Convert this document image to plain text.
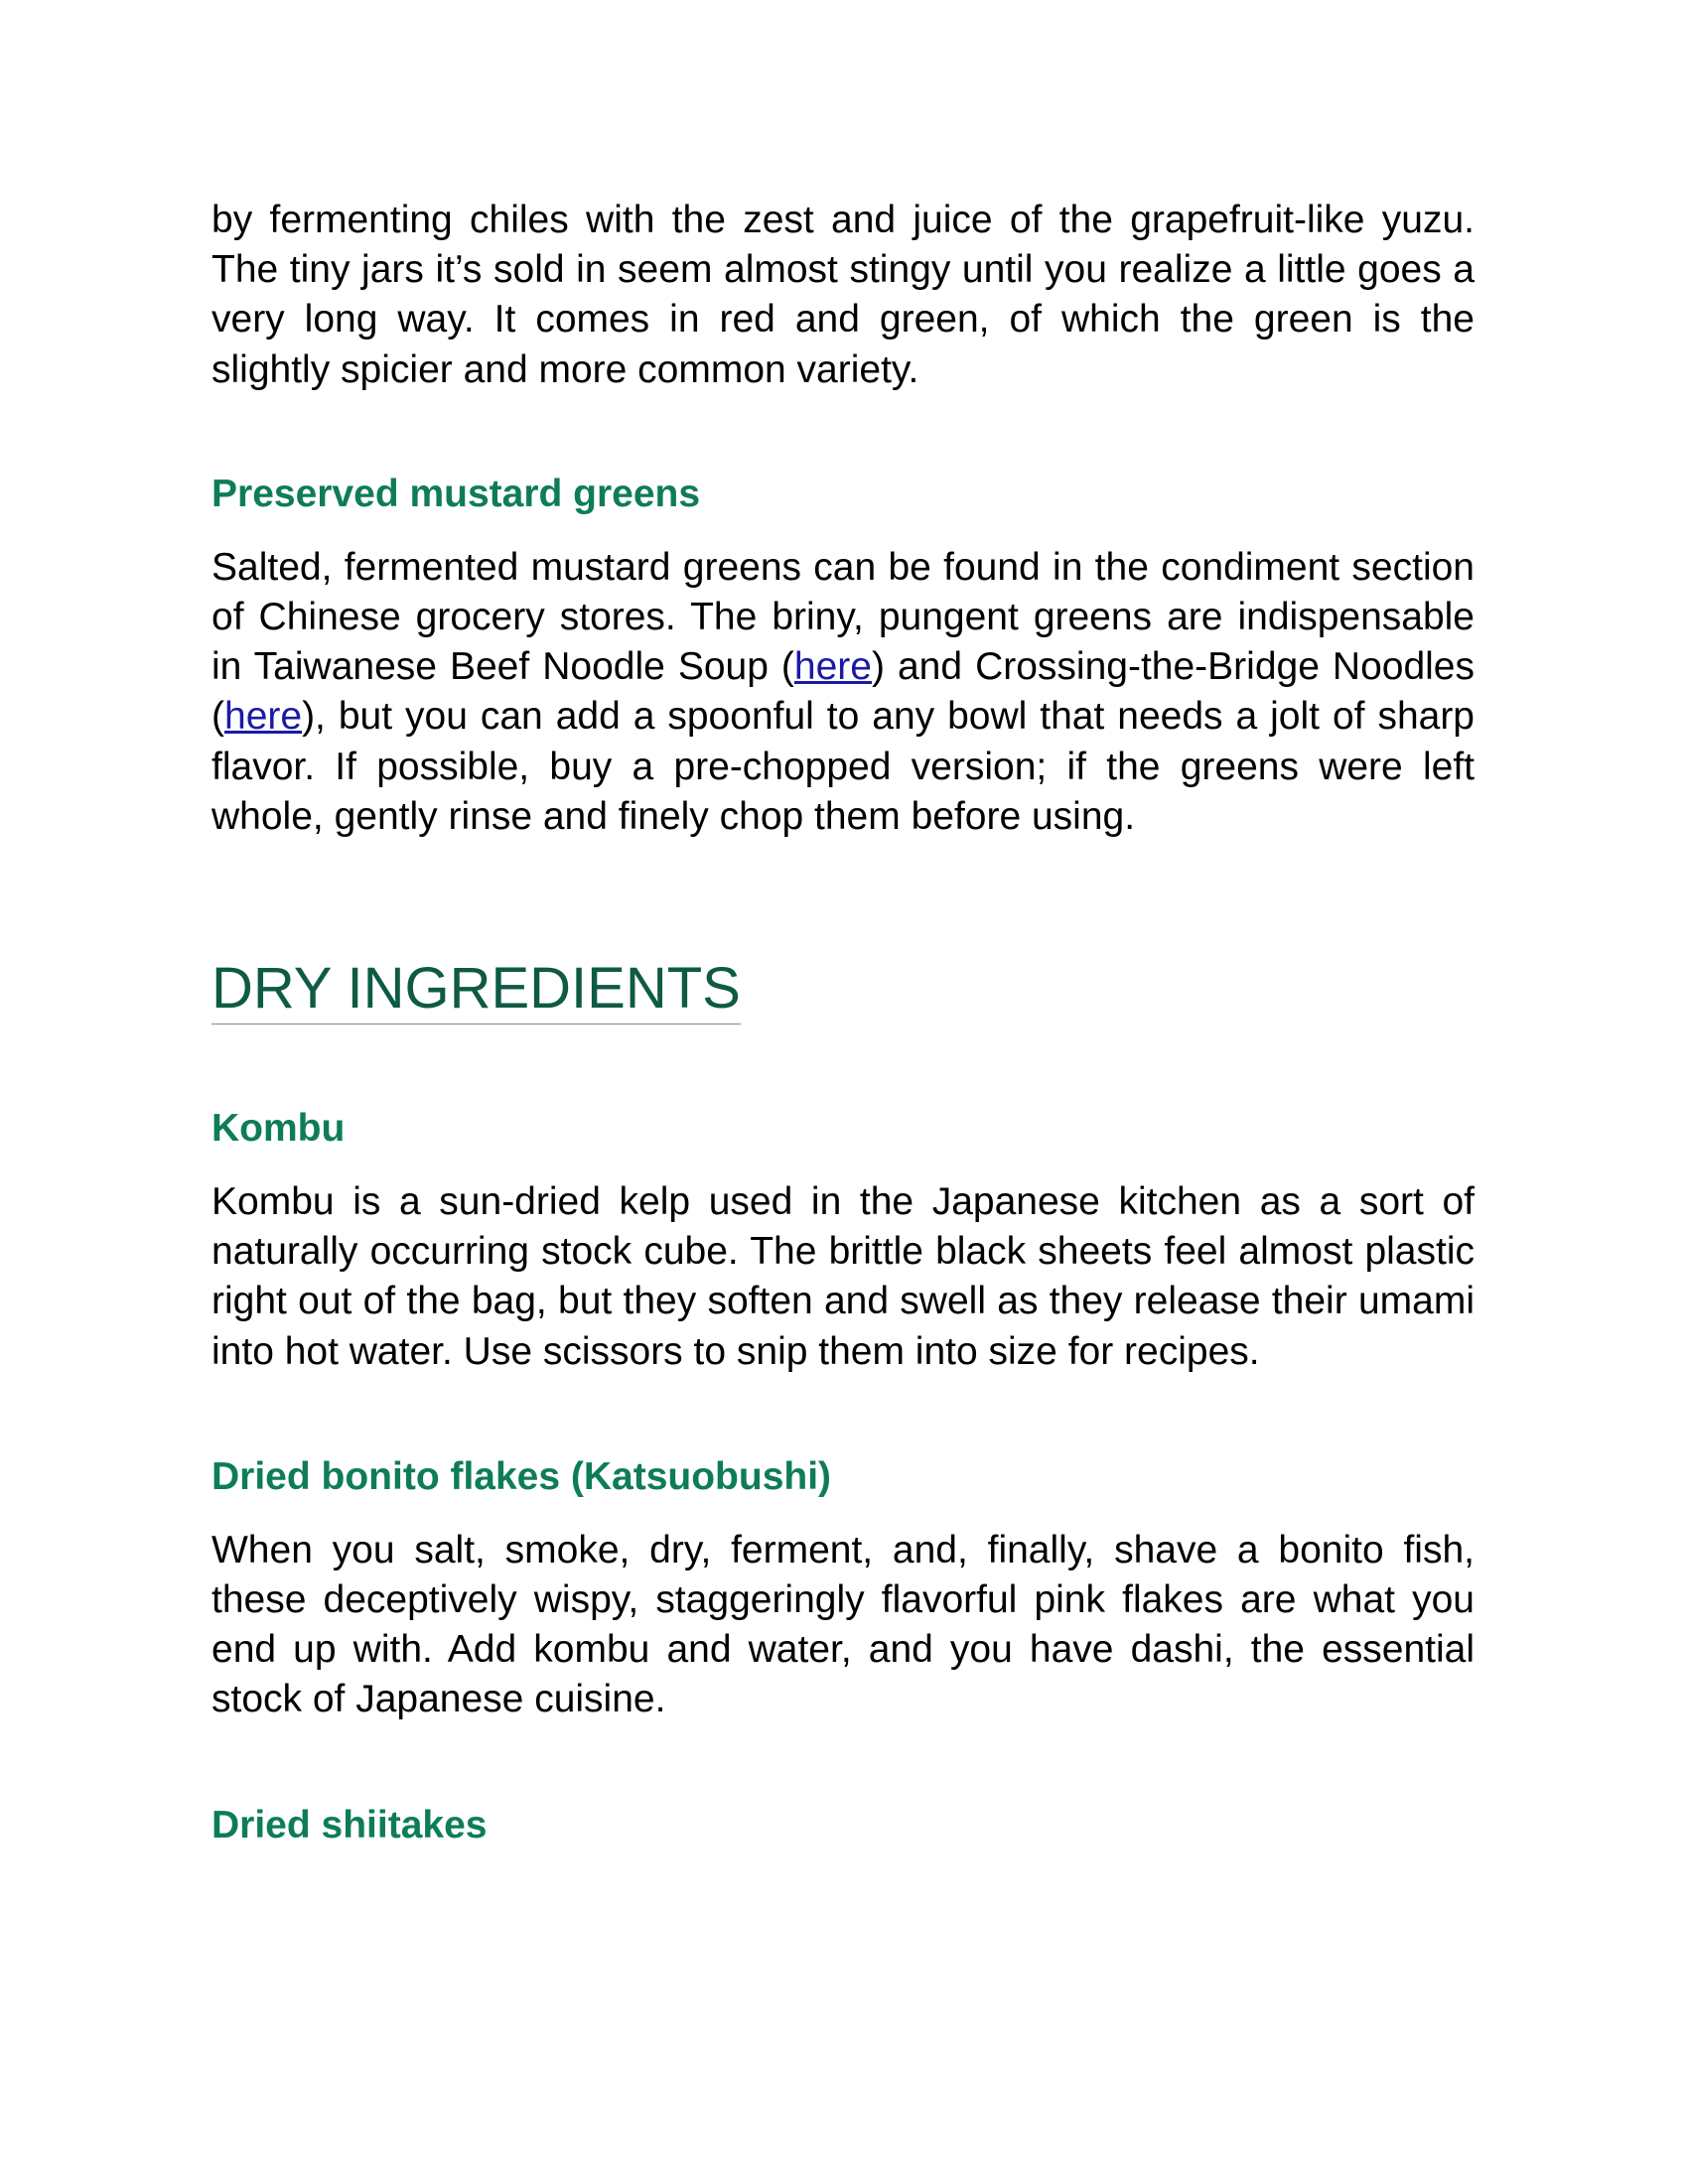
by fermenting chiles with the zest and juice of the grapefruit-like yuzu. The tiny jars it’s sold in seem almost stingy until you realize a little goes a very long way. It comes in red and green, of which the green is the slightly spicier and more common variety.

Preserved mustard greens

Salted, fermented mustard greens can be found in the condiment section of Chinese grocery stores. The briny, pungent greens are indispensable in Taiwanese Beef Noodle Soup (here) and Crossing-the-Bridge Noodles (here), but you can add a spoonful to any bowl that needs a jolt of sharp flavor. If possible, buy a pre-chopped version; if the greens were left whole, gently rinse and finely chop them before using.

DRY INGREDIENTS
Kombu

Kombu is a sun-dried kelp used in the Japanese kitchen as a sort of naturally occurring stock cube. The brittle black sheets feel almost plastic right out of the bag, but they soften and swell as they release their umami into hot water. Use scissors to snip them into size for recipes.

Dried bonito flakes (Katsuobushi)

When you salt, smoke, dry, ferment, and, finally, shave a bonito fish, these deceptively wispy, staggeringly flavorful pink flakes are what you end up with. Add kombu and water, and you have dashi, the essential stock of Japanese cuisine.

Dried shiitakes
